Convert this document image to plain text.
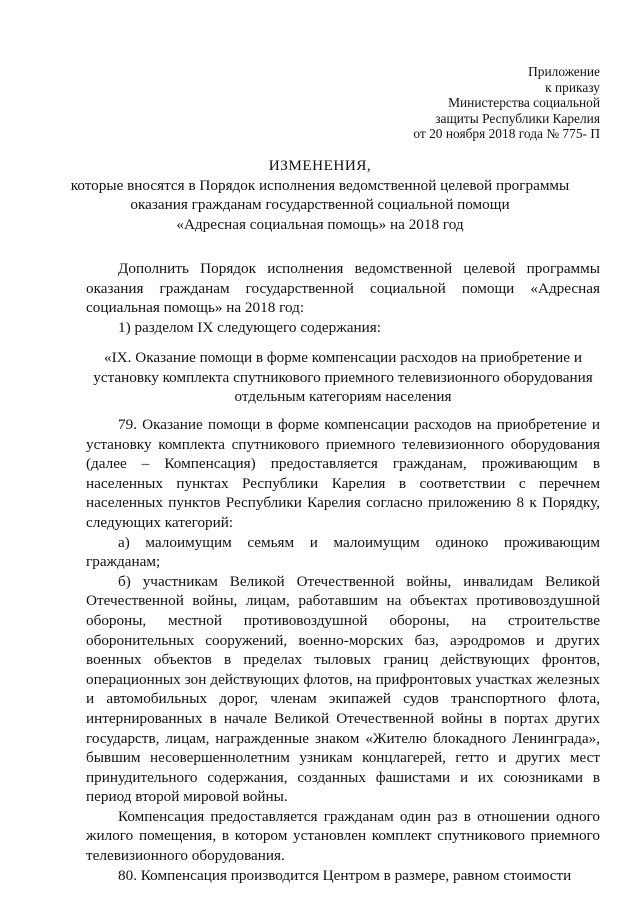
Приложение
к приказу
Министерства социальной
защиты Республики Карелия
от 20 ноября 2018 года № 775- П
ИЗМЕНЕНИЯ,
которые вносятся в Порядок исполнения ведомственной целевой программы
оказания гражданам государственной социальной помощи
«Адресная социальная помощь» на 2018 год

Дополнить Порядок исполнения ведомственной целевой программы оказания гражданам государственной социальной помощи «Адресная социальная помощь» на 2018 год:

1) разделом IX следующего содержания:

«IX. Оказание помощи в форме компенсации расходов на приобретение и
установку комплекта спутникового приемного телевизионного оборудования
отдельным категориям населения

79. Оказание помощи в форме компенсации расходов на приобретение и установку комплекта спутникового приемного телевизионного оборудования (далее – Компенсация) предоставляется гражданам, проживающим в населенных пунктах Республики Карелия в соответствии с перечнем населенных пунктов Республики Карелия согласно приложению 8 к Порядку, следующих категорий:

а) малоимущим семьям и малоимущим одиноко проживающим гражданам;

б) участникам Великой Отечественной войны, инвалидам Великой Отечественной войны, лицам, работавшим на объектах противовоздушной обороны, местной противовоздушной обороны, на строительстве оборонительных сооружений, военно-морских баз, аэродромов и других военных объектов в пределах тыловых границ действующих фронтов, операционных зон действующих флотов, на прифронтовых участках железных и автомобильных дорог, членам экипажей судов транспортного флота, интернированных в начале Великой Отечественной войны в портах других государств, лицам, награжденные знаком «Жителю блокадного Ленинграда», бывшим несовершеннолетним узникам концлагерей, гетто и других мест принудительного содержания, созданных фашистами и их союзниками в период второй мировой войны.

Компенсация предоставляется гражданам один раз в отношении одного жилого помещения, в котором установлен комплект спутникового приемного телевизионного оборудования.

80. Компенсация производится Центром в размере, равном стоимости
